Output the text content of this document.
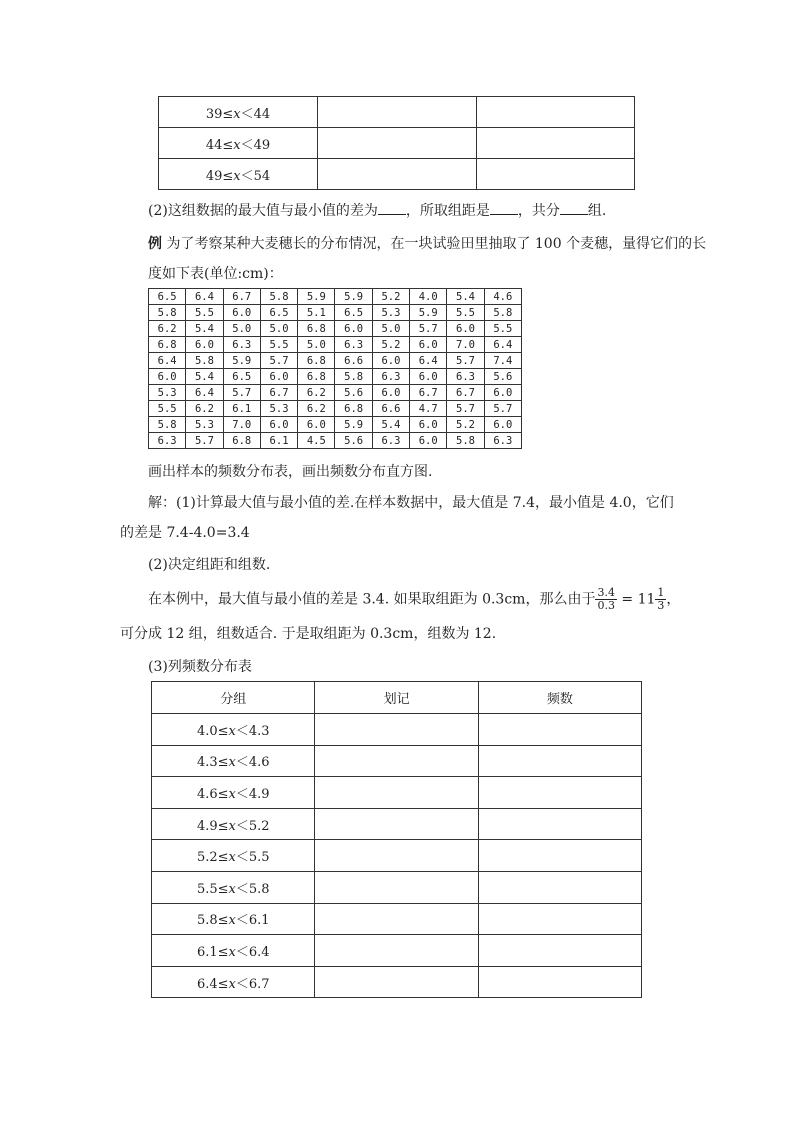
39≤x＜44		
44≤x＜49		
49≤x＜54		
(2)这组数据的最大值与最小值的差为 ，所取组距是 ，共分 组.
例 为了考察某种大麦穗长的分布情况，在一块试验田里抽取了 100 个麦穗，量得它们的长
度如下表(单位:cm)：
6.5	6.4	6.7	5.8	5.9	5.9	5.2	4.0	5.4	4.6
5.8	5.5	6.0	6.5	5.1	6.5	5.3	5.9	5.5	5.8
6.2	5.4	5.0	5.0	6.8	6.0	5.0	5.7	6.0	5.5
6.8	6.0	6.3	5.5	5.0	6.3	5.2	6.0	7.0	6.4
6.4	5.8	5.9	5.7	6.8	6.6	6.0	6.4	5.7	7.4
6.0	5.4	6.5	6.0	6.8	5.8	6.3	6.0	6.3	5.6
5.3	6.4	5.7	6.7	6.2	5.6	6.0	6.7	6.7	6.0
5.5	6.2	6.1	5.3	6.2	6.8	6.6	4.7	5.7	5.7
5.8	5.3	7.0	6.0	6.0	5.9	5.4	6.0	5.2	6.0
6.3	5.7	6.8	6.1	4.5	5.6	6.3	6.0	5.8	6.3
画出样本的频数分布表，画出频数分布直方图.
解：(1)计算最大值与最小值的差.在样本数据中，最大值是 7.4，最小值是 4.0，它们
的差是 7.4-4.0=3.4
(2)决定组距和组数.
在本例中，最大值与最小值的差是 3.4. 如果取组距为 0.3cm，那么由于 $\frac{3.4}{0.3} = 11 \frac{1}{3}$ ，
可分成 12 组，组数适合. 于是取组距为 0.3cm，组数为 12.
(3)列频数分布表
分组	划记	频数
4.0≤x＜4.3		
4.3≤x＜4.6		
4.6≤x＜4.9		
4.9≤x＜5.2		
5.2≤x＜5.5		
5.5≤x＜5.8		
5.8≤x＜6.1		
6.1≤x＜6.4		
6.4≤x＜6.7		
